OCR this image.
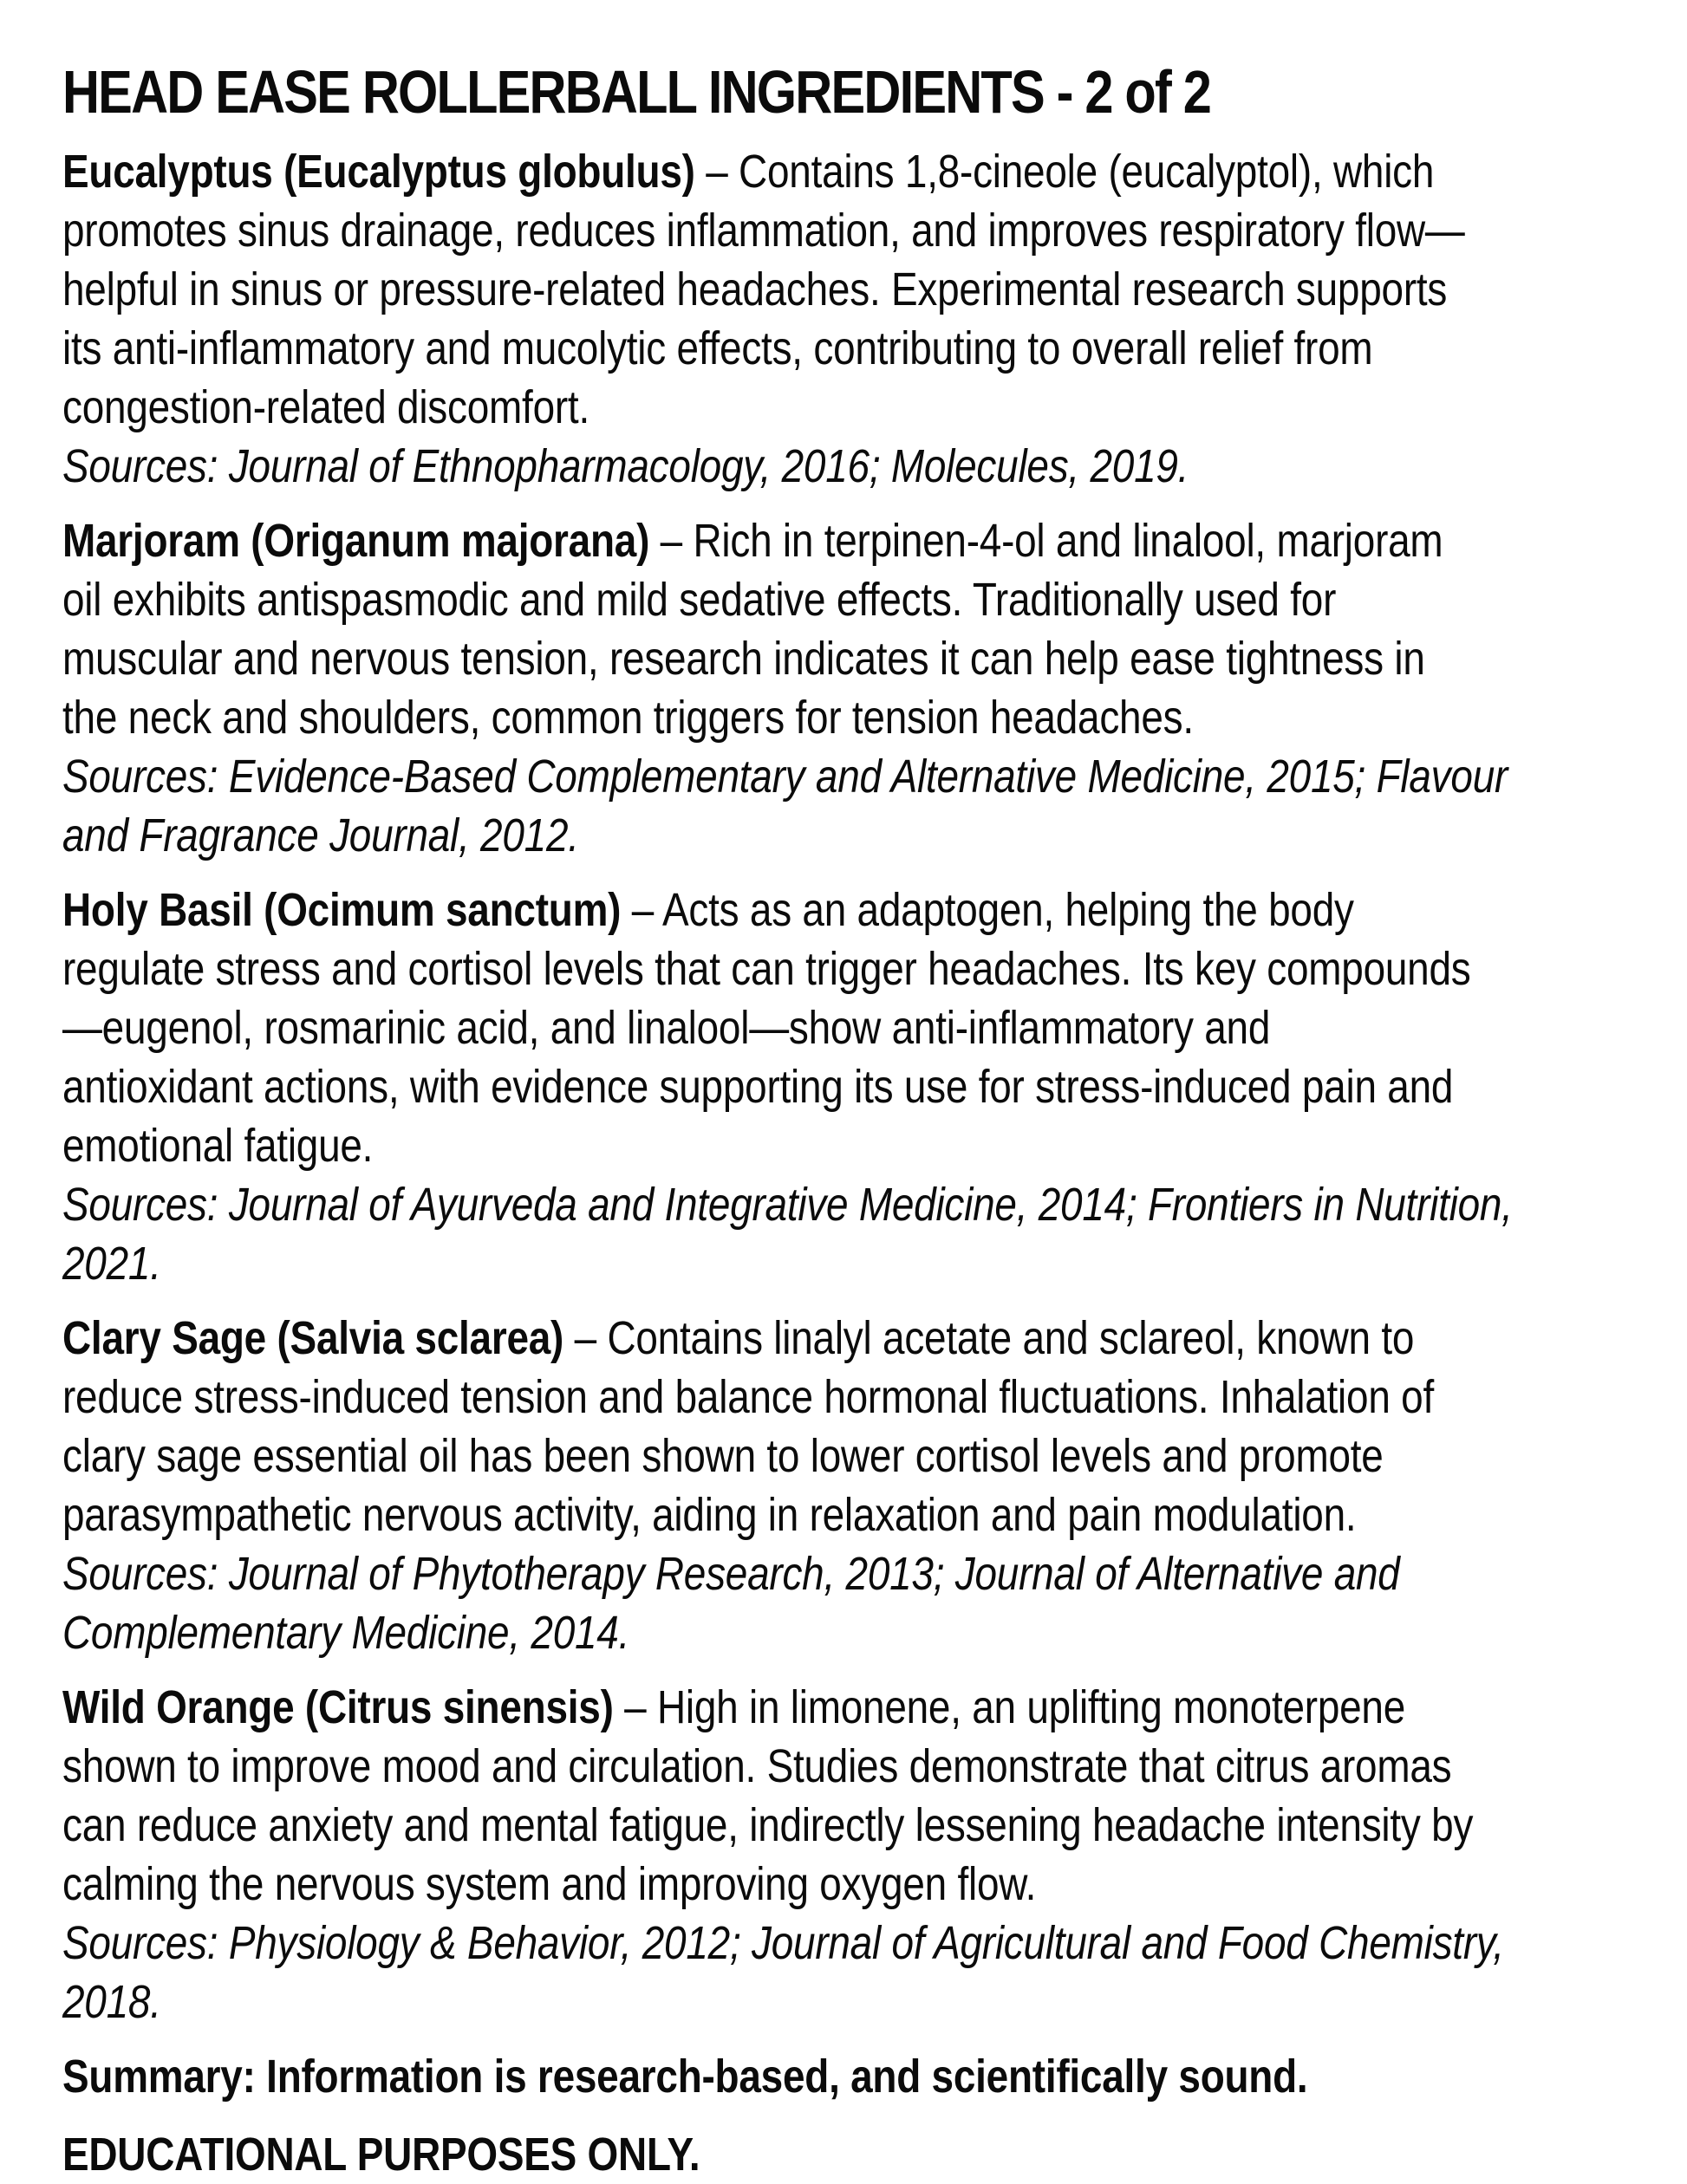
HEAD EASE ROLLERBALL INGREDIENTS - 2 of 2
Eucalyptus (Eucalyptus globulus) – Contains 1,8-cineole (eucalyptol), which
promotes sinus drainage, reduces inflammation, and improves respiratory flow—
helpful in sinus or pressure-related headaches. Experimental research supports
its anti-inflammatory and mucolytic effects, contributing to overall relief from
congestion-related discomfort.
Sources: Journal of Ethnopharmacology, 2016; Molecules, 2019.
Marjoram (Origanum majorana) – Rich in terpinen-4-ol and linalool, marjoram
oil exhibits antispasmodic and mild sedative effects. Traditionally used for
muscular and nervous tension, research indicates it can help ease tightness in
the neck and shoulders, common triggers for tension headaches.
Sources: Evidence-Based Complementary and Alternative Medicine, 2015; Flavour
and Fragrance Journal, 2012.
Holy Basil (Ocimum sanctum) – Acts as an adaptogen, helping the body
regulate stress and cortisol levels that can trigger headaches. Its key compounds
—eugenol, rosmarinic acid, and linalool—show anti-inflammatory and
antioxidant actions, with evidence supporting its use for stress-induced pain and
emotional fatigue.
Sources: Journal of Ayurveda and Integrative Medicine, 2014; Frontiers in Nutrition,
2021.
Clary Sage (Salvia sclarea) – Contains linalyl acetate and sclareol, known to
reduce stress-induced tension and balance hormonal fluctuations. Inhalation of
clary sage essential oil has been shown to lower cortisol levels and promote
parasympathetic nervous activity, aiding in relaxation and pain modulation.
Sources: Journal of Phytotherapy Research, 2013; Journal of Alternative and
Complementary Medicine, 2014.
Wild Orange (Citrus sinensis) – High in limonene, an uplifting monoterpene
shown to improve mood and circulation. Studies demonstrate that citrus aromas
can reduce anxiety and mental fatigue, indirectly lessening headache intensity by
calming the nervous system and improving oxygen flow.
Sources: Physiology & Behavior, 2012; Journal of Agricultural and Food Chemistry,
2018.
Summary: Information is research-based, and scientifically sound.
EDUCATIONAL PURPOSES ONLY.
